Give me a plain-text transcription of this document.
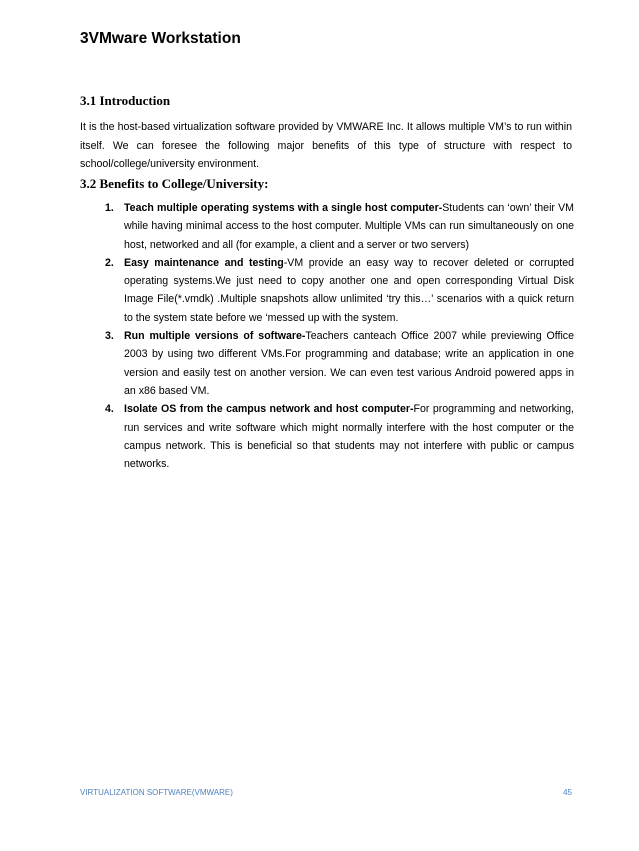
3VMware Workstation
3.1 Introduction

It is the host-based virtualization software provided by VMWARE Inc. It allows multiple VM’s to run within itself. We can foresee the following major benefits of this type of structure with respect to school/college/university environment.

3.2 Benefits to College/University:
1. Teach multiple operating systems with a single host computer-Students can ‘own’ their VM while having minimal access to the host computer. Multiple VMs can run simultaneously on one host, networked and all (for example, a client and a server or two servers)
2. Easy maintenance and testing-VM provide an easy way to recover deleted or corrupted operating systems.We just need to copy another one and open corresponding Virtual Disk Image File(*.vmdk) .Multiple snapshots allow unlimited ‘try this…’ scenarios with a quick return to the system state before we ‘messed up with the system.
3. Run multiple versions of software-Teachers canteach Office 2007 while previewing Office 2003 by using two different VMs.For programming and database; write an application in one version and easily test on another version. We can even test various Android powered apps in an x86 based VM.
4. Isolate OS from the campus network and host computer-For programming and networking, run services and write software which might normally interfere with the host computer or the campus network. This is beneficial so that students may not interfere with public or campus networks.
VIRTUALIZATION SOFTWARE(VMWARE)	45
